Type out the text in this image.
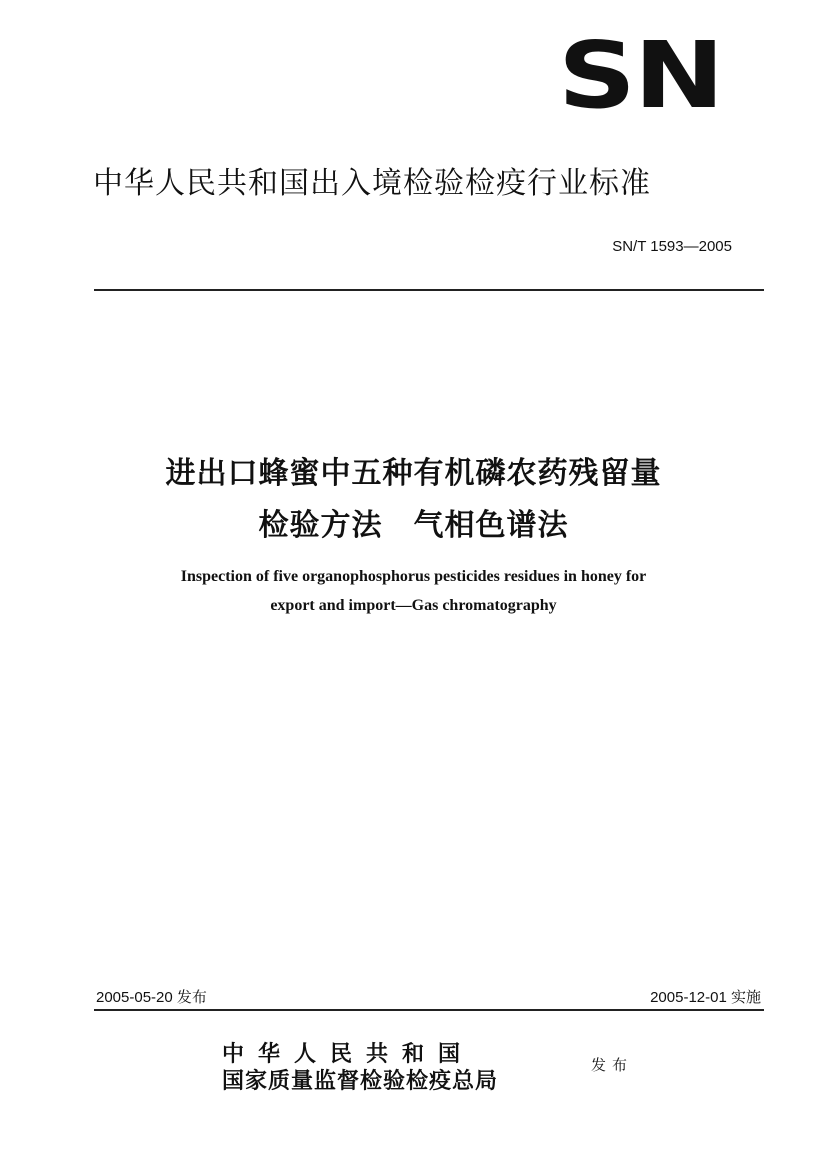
SN
中华人民共和国出入境检验检疫行业标准
SN/T 1593—2005
进出口蜂蜜中五种有机磷农药残留量
检验方法　气相色谱法
Inspection of five organophosphorus pesticides residues in honey for
export and import—Gas chromatography
2005-05-20 发布	2005-12-01 实施
中华人民共和国
国家质量监督检验检疫总局
发布
